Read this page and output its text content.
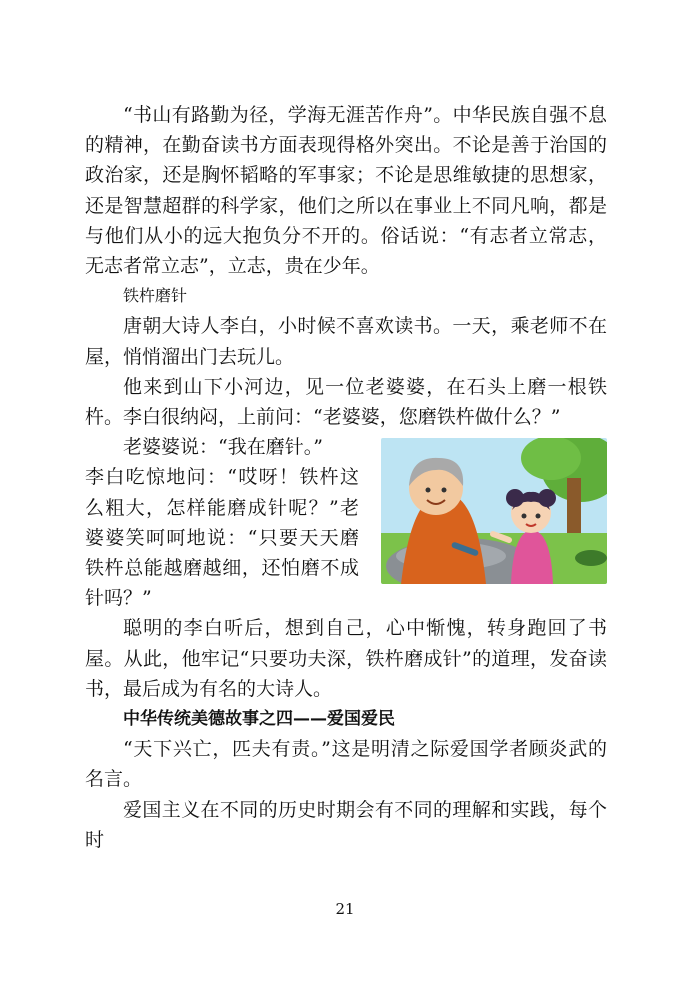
“书山有路勤为径，学海无涯苦作舟”。中华民族自强不息的精神，在勤奋读书方面表现得格外突出。不论是善于治国的政治家，还是胸怀韬略的军事家；不论是思维敏捷的思想家，还是智慧超群的科学家，他们之所以在事业上不同凡响，都是与他们从小的远大抱负分不开的。俗话说：“有志者立常志，无志者常立志”，立志，贵在少年。

铁杵磨针

唐朝大诗人李白，小时候不喜欢读书。一天，乘老师不在屋，悄悄溜出门去玩儿。

他来到山下小河边，见一位老婆婆，在石头上磨一根铁杵。李白很纳闷，上前问：“老婆婆，您磨铁杵做什么？”

老婆婆说：“我在磨针。”

李白吃惊地问：“哎呀！铁杵这么粗大，怎样能磨成针呢？”老婆婆笑呵呵地说：“只要天天磨铁杵总能越磨越细，还怕磨不成针吗？”

聪明的李白听后，想到自己，心中惭愧，转身跑回了书屋。从此，他牢记“只要功夫深，铁杵磨成针”的道理，发奋读书，最后成为有名的大诗人。

中华传统美德故事之四——爱国爱民

“天下兴亡，匹夫有责。”这是明清之际爱国学者顾炎武的名言。

爱国主义在不同的历史时期会有不同的理解和实践，每个时

21
